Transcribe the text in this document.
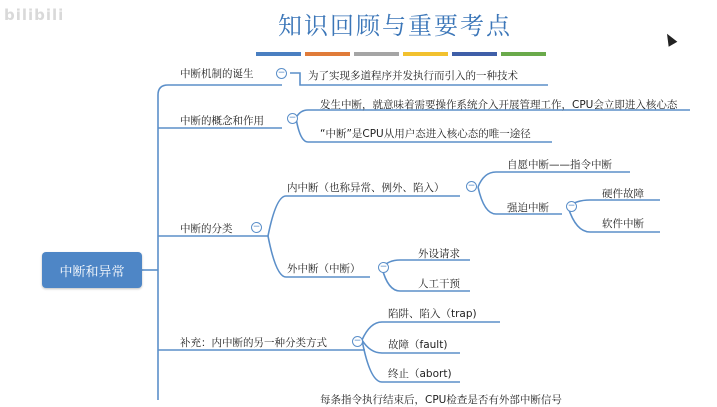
bilibili	知识回顾与重要考点
中断和异常
中断机制的诞生	− 为了实现多道程序并发执行而引入的一种技术
中断的概念和作用	−
发生中断，就意味着需要操作系统介入开展管理工作，CPU会立即进入核心态
“中断”是CPU从用户态进入核心态的唯一途径
中断的分类 −
内中断（也称异常、例外、陷入）	−
自愿中断——指令中断
强迫中断 −
硬件故障
软件中断
外中断（中断） −
外设请求
人工干预
补充：内中断的另一种分类方式	−
陷阱、陷入（trap)
故障（fault)
终止（abort)
每条指令执行结束后，CPU检查是否有外部中断信号
